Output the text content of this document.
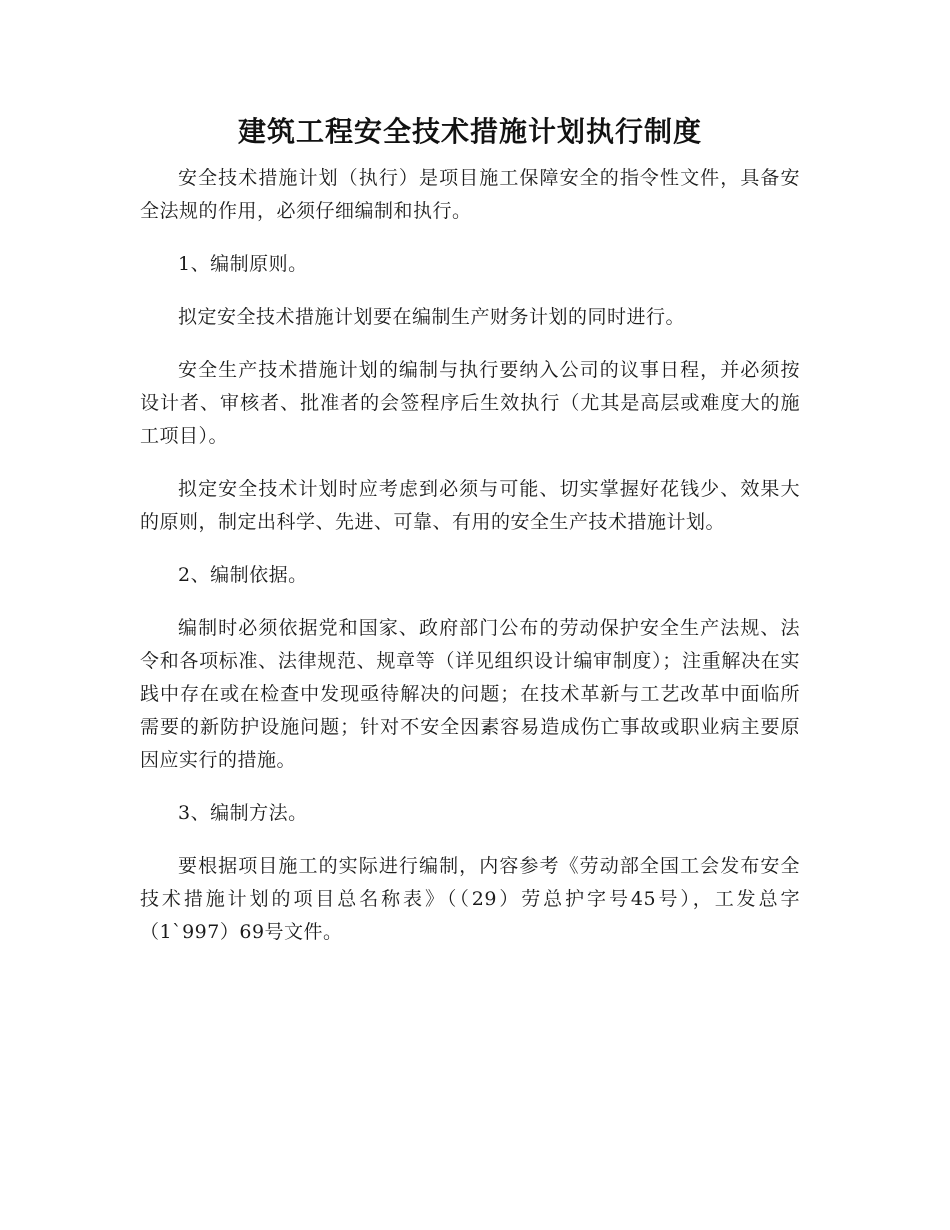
建筑工程安全技术措施计划执行制度

安全技术措施计划（执行）是项目施工保障安全的指令性文件，具备安全法规的作用，必须仔细编制和执行。

1、编制原则。

拟定安全技术措施计划要在编制生产财务计划的同时进行。

安全生产技术措施计划的编制与执行要纳入公司的议事日程，并必须按设计者、审核者、批准者的会签程序后生效执行（尤其是高层或难度大的施工项目）。

拟定安全技术计划时应考虑到必须与可能、切实掌握好花钱少、效果大的原则，制定出科学、先进、可靠、有用的安全生产技术措施计划。

2、编制依据。

编制时必须依据党和国家、政府部门公布的劳动保护安全生产法规、法令和各项标准、法律规范、规章等（详见组织设计编审制度）；注重解决在实践中存在或在检查中发现亟待解决的问题；在技术革新与工艺改革中面临所需要的新防护设施问题；针对不安全因素容易造成伤亡事故或职业病主要原因应实行的措施。

3、编制方法。

要根据项目施工的实际进行编制，内容参考《劳动部全国工会发布安全技术措施计划的项目总名称表》（（29）劳总护字号45号），工发总字（1`997）69号文件。
